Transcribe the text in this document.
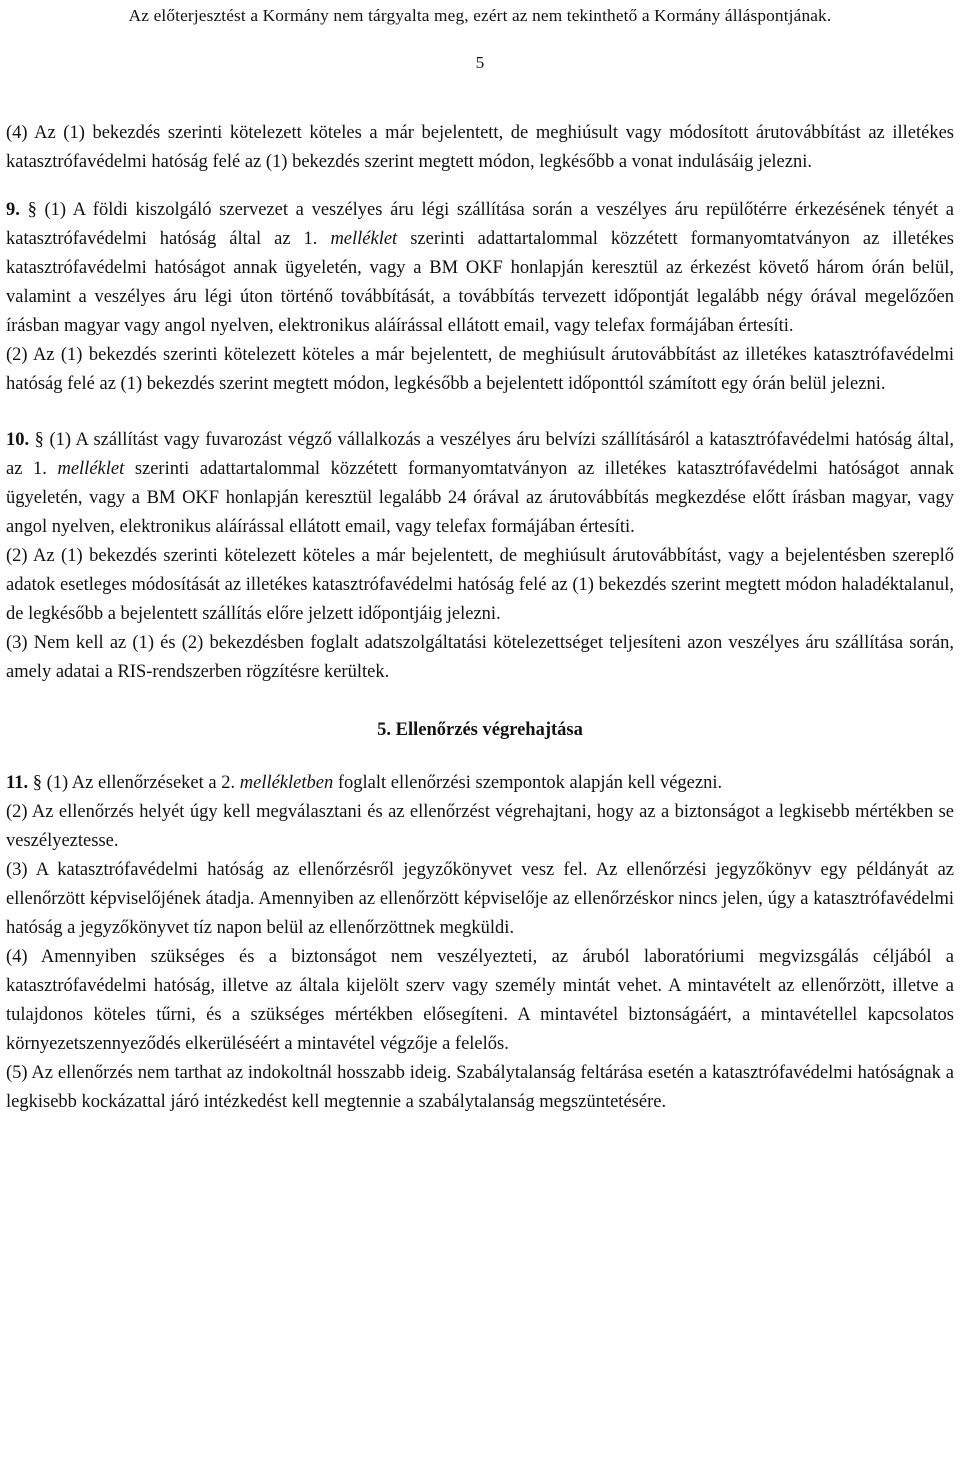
Az előterjesztést a Kormány nem tárgyalta meg, ezért az nem tekinthető a Kormány álláspontjának.
5

(4) Az (1) bekezdés szerinti kötelezett köteles a már bejelentett, de meghiúsult vagy módosított árutovábbítást az illetékes katasztrófavédelmi hatóság felé az (1) bekezdés szerint megtett módon, legkésőbb a vonat indulásáig jelezni.

9. § (1) A földi kiszolgáló szervezet a veszélyes áru légi szállítása során a veszélyes áru repülőtérre érkezésének tényét a katasztrófavédelmi hatóság által az 1. melléklet szerinti adattartalommal közzétett formanyomtatványon az illetékes katasztrófavédelmi hatóságot annak ügyeletén, vagy a BM OKF honlapján keresztül az érkezést követő három órán belül, valamint a veszélyes áru légi úton történő továbbítását, a továbbítás tervezett időpontját legalább négy órával megelőzően írásban magyar vagy angol nyelven, elektronikus aláírással ellátott email, vagy telefax formájában értesíti.

(2) Az (1) bekezdés szerinti kötelezett köteles a már bejelentett, de meghiúsult árutovábbítást az illetékes katasztrófavédelmi hatóság felé az (1) bekezdés szerint megtett módon, legkésőbb a bejelentett időponttól számított egy órán belül jelezni.

10. § (1) A szállítást vagy fuvarozást végző vállalkozás a veszélyes áru belvízi szállításáról a katasztrófavédelmi hatóság által, az 1. melléklet szerinti adattartalommal közzétett formanyomtatványon az illetékes katasztrófavédelmi hatóságot annak ügyeletén, vagy a BM OKF honlapján keresztül legalább 24 órával az árutovábbítás megkezdése előtt írásban magyar, vagy angol nyelven, elektronikus aláírással ellátott email, vagy telefax formájában értesíti.

(2) Az (1) bekezdés szerinti kötelezett köteles a már bejelentett, de meghiúsult árutovábbítást, vagy a bejelentésben szereplő adatok esetleges módosítását az illetékes katasztrófavédelmi hatóság felé az (1) bekezdés szerint megtett módon haladéktalanul, de legkésőbb a bejelentett szállítás előre jelzett időpontjáig jelezni.

(3) Nem kell az (1) és (2) bekezdésben foglalt adatszolgáltatási kötelezettséget teljesíteni azon veszélyes áru szállítása során, amely adatai a RIS-rendszerben rögzítésre kerültek.

5. Ellenőrzés végrehajtása

11. § (1) Az ellenőrzéseket a 2. mellékletben foglalt ellenőrzési szempontok alapján kell végezni.

(2) Az ellenőrzés helyét úgy kell megválasztani és az ellenőrzést végrehajtani, hogy az a biztonságot a legkisebb mértékben se veszélyeztesse.

(3) A katasztrófavédelmi hatóság az ellenőrzésről jegyzőkönyvet vesz fel. Az ellenőrzési jegyzőkönyv egy példányát az ellenőrzött képviselőjének átadja. Amennyiben az ellenőrzött képviselője az ellenőrzéskor nincs jelen, úgy a katasztrófavédelmi hatóság a jegyzőkönyvet tíz napon belül az ellenőrzöttnek megküldi.

(4) Amennyiben szükséges és a biztonságot nem veszélyezteti, az áruból laboratóriumi megvizsgálás céljából a katasztrófavédelmi hatóság, illetve az általa kijelölt szerv vagy személy mintát vehet. A mintavételt az ellenőrzött, illetve a tulajdonos köteles tűrni, és a szükséges mértékben elősegíteni. A mintavétel biztonságáért, a mintavétellel kapcsolatos környezetszennyeződés elkerüléséért a mintavétel végzője a felelős.

(5) Az ellenőrzés nem tarthat az indokoltnál hosszabb ideig. Szabálytalanság feltárása esetén a katasztrófavédelmi hatóságnak a legkisebb kockázattal járó intézkedést kell megtennie a szabálytalanság megszüntetésére.
